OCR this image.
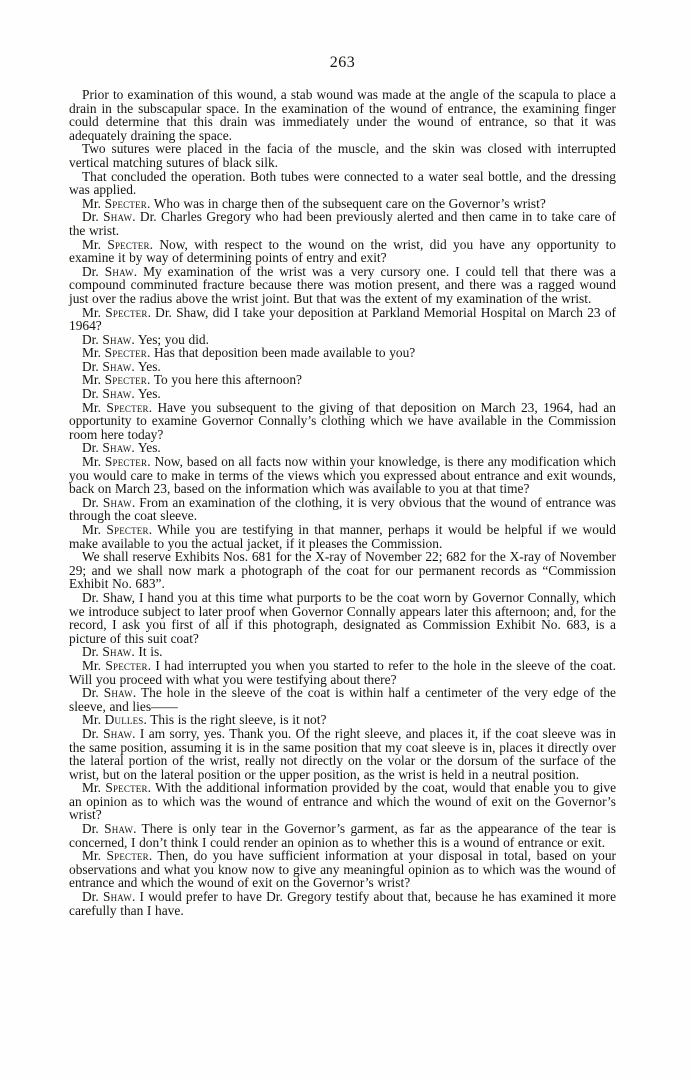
263

Prior to examination of this wound, a stab wound was made at the angle of the scapula to place a drain in the subscapular space. In the examination of the wound of entrance, the examining finger could determine that this drain was immediately under the wound of entrance, so that it was adequately draining the space.

Two sutures were placed in the facia of the muscle, and the skin was closed with interrupted vertical matching sutures of black silk.

That concluded the operation. Both tubes were connected to a water seal bottle, and the dressing was applied.

Mr. Specter. Who was in charge then of the subsequent care on the Governor’s wrist?

Dr. Shaw. Dr. Charles Gregory who had been previously alerted and then came in to take care of the wrist.

Mr. Specter. Now, with respect to the wound on the wrist, did you have any opportunity to examine it by way of determining points of entry and exit?

Dr. Shaw. My examination of the wrist was a very cursory one. I could tell that there was a compound comminuted fracture because there was motion present, and there was a ragged wound just over the radius above the wrist joint. But that was the extent of my examination of the wrist.

Mr. Specter. Dr. Shaw, did I take your deposition at Parkland Memorial Hospital on March 23 of 1964?

Dr. Shaw. Yes; you did.

Mr. Specter. Has that deposition been made available to you?

Dr. Shaw. Yes.

Mr. Specter. To you here this afternoon?

Dr. Shaw. Yes.

Mr. Specter. Have you subsequent to the giving of that deposition on March 23, 1964, had an opportunity to examine Governor Connally’s clothing which we have available in the Commission room here today?

Dr. Shaw. Yes.

Mr. Specter. Now, based on all facts now within your knowledge, is there any modification which you would care to make in terms of the views which you expressed about entrance and exit wounds, back on March 23, based on the information which was available to you at that time?

Dr. Shaw. From an examination of the clothing, it is very obvious that the wound of entrance was through the coat sleeve.

Mr. Specter. While you are testifying in that manner, perhaps it would be helpful if we would make available to you the actual jacket, if it pleases the Commission.

We shall reserve Exhibits Nos. 681 for the X-ray of November 22; 682 for the X-ray of November 29; and we shall now mark a photograph of the coat for our permanent records as “Commission Exhibit No. 683”.

Dr. Shaw, I hand you at this time what purports to be the coat worn by Governor Connally, which we introduce subject to later proof when Governor Connally appears later this afternoon; and, for the record, I ask you first of all if this photograph, designated as Commission Exhibit No. 683, is a picture of this suit coat?

Dr. Shaw. It is.

Mr. Specter. I had interrupted you when you started to refer to the hole in the sleeve of the coat. Will you proceed with what you were testifying about there?

Dr. Shaw. The hole in the sleeve of the coat is within half a centimeter of the very edge of the sleeve, and lies——

Mr. Dulles. This is the right sleeve, is it not?

Dr. Shaw. I am sorry, yes. Thank you. Of the right sleeve, and places it, if the coat sleeve was in the same position, assuming it is in the same position that my coat sleeve is in, places it directly over the lateral portion of the wrist, really not directly on the volar or the dorsum of the surface of the wrist, but on the lateral position or the upper position, as the wrist is held in a neutral position.

Mr. Specter. With the additional information provided by the coat, would that enable you to give an opinion as to which was the wound of entrance and which the wound of exit on the Governor’s wrist?

Dr. Shaw. There is only tear in the Governor’s garment, as far as the appearance of the tear is concerned, I don’t think I could render an opinion as to whether this is a wound of entrance or exit.

Mr. Specter. Then, do you have sufficient information at your disposal in total, based on your observations and what you know now to give any meaningful opinion as to which was the wound of entrance and which the wound of exit on the Governor’s wrist?

Dr. Shaw. I would prefer to have Dr. Gregory testify about that, because he has examined it more carefully than I have.
